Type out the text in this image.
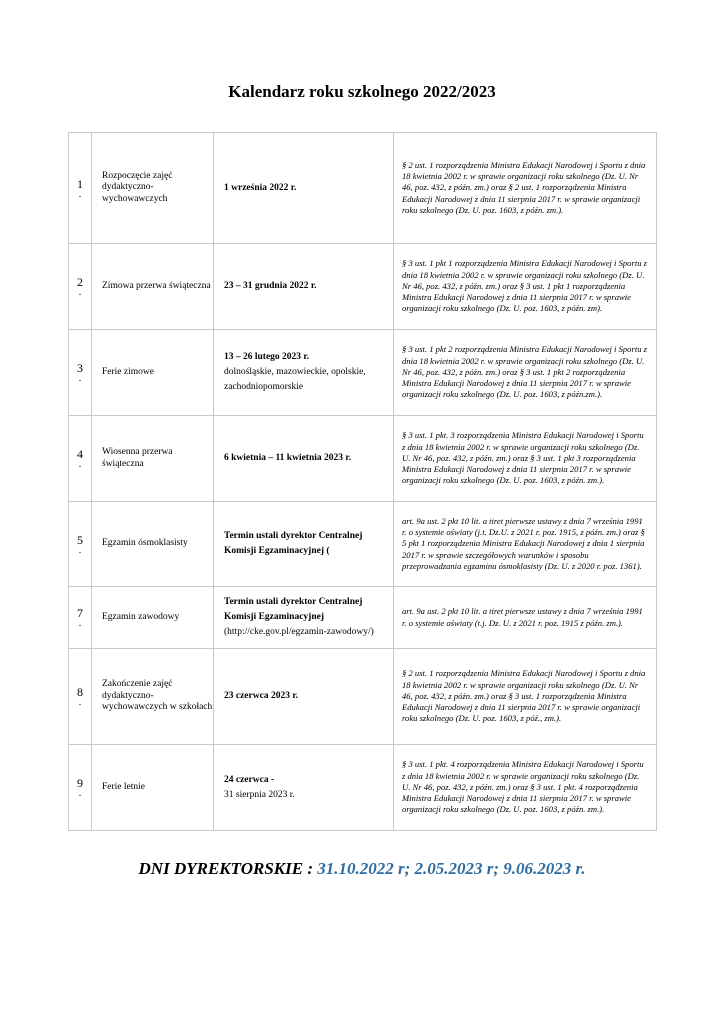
Kalendarz roku szkolnego 2022/2023
1
.	Rozpoczęcie zajęć dydaktyczno-wychowawczych	1 września 2022 r.	§ 2 ust. 1 rozporządzenia Ministra Edukacji Narodowej i Sportu z dnia 18 kwietnia 2002 r. w sprawie organizacji roku szkolnego (Dz. U. Nr 46, poz. 432, z późn. zm.) oraz § 2 ust. 1 rozporządzenia Ministra Edukacji Narodowej z dnia 11 sierpnia 2017 r. w sprawie organizacji roku szkolnego (Dz. U. poz. 1603, z późn. zm.).
2
.	Zimowa przerwa świąteczna	23 – 31 grudnia 2022 r.	§ 3 ust. 1 pkt 1 rozporządzenia Ministra Edukacji Narodowej i Sportu z dnia 18 kwietnia 2002 r. w sprawie organizacji roku szkolnego (Dz. U. Nr 46, poz. 432, z późn. zm.) oraz § 3 ust. 1 pkt 1 rozporządzenia Ministra Edukacji Narodowej z dnia 11 sierpnia 2017 r. w sprawie organizacji roku szkolnego (Dz. U. poz. 1603, z późn. zm).
3
.	Ferie zimowe	13 – 26 lutego 2023 r.
dolnośląskie, mazowieckie, opolskie, zachodniopomorskie	§ 3 ust. 1 pkt 2 rozporządzenia Ministra Edukacji Narodowej i Sportu z dnia 18 kwietnia 2002 r. w sprawie organizacji roku szkolnego (Dz. U. Nr 46, poz. 432, z późn. zm.) oraz § 3 ust. 1 pkt 2 rozporządzenia Ministra Edukacji Narodowej z dnia 11 sierpnia 2017 r. w sprawie organizacji roku szkolnego (Dz. U. poz. 1603, z późn.zm.).
4
.	Wiosenna przerwa świąteczna	6 kwietnia – 11 kwietnia 2023 r.	§ 3 ust. 1 pkt. 3 rozporządzenia Ministra Edukacji Narodowej i Sportu z dnia 18 kwietnia 2002 r. w sprawie organizacji roku szkolnego (Dz. U. Nr 46, poz. 432, z późn. zm.) oraz § 3 ust. 1 pkt 3 rozporządzenia Ministra Edukacji Narodowej z dnia 11 sierpnia 2017 r. w sprawie organizacji roku szkolnego (Dz. U. poz. 1603, z późn. zm.).
5
.	Egzamin ósmoklasisty	Termin ustali dyrektor Centralnej Komisji Egzaminacyjnej (	art. 9a ust. 2 pkt 10 lit. a tiret pierwsze ustawy z dnia 7 września 1991 r. o systemie oświaty (j.t. Dz.U. z 2021 r. poz. 1915, z późn. zm.) oraz § 5 pkt 1 rozporządzenia Ministra Edukacji Narodowej z dnia 1 sierpnia 2017 r. w sprawie szczegółowych warunków i sposobu przeprowadzania egzaminu ósmoklasisty (Dz. U. z 2020 r. poz. 1361).
7
.	Egzamin zawodowy	Termin ustali dyrektor Centralnej Komisji Egzaminacyjnej
(http://cke.gov.pl/egzamin-zawodowy/)	art. 9a ust. 2 pkt 10 lit. a tiret pierwsze ustawy z dnia 7 września 1991 r. o systemie oświaty (t.j. Dz. U. z 2021 r. poz. 1915 z późn. zm.).
8
.	Zakończenie zajęć dydaktyczno-wychowawczych w szkołach	23 czerwca 2023 r.	§ 2 ust. 1 rozporządzenia Ministra Edukacji Narodowej i Sportu z dnia 18 kwietnia 2002 r. w sprawie organizacji roku szkolnego (Dz. U. Nr 46, poz. 432, z późn. zm.) oraz § 3 ust. 1 rozporządzenia Ministra Edukacji Narodowej z dnia 11 sierpnia 2017 r. w sprawie organizacji roku szkolnego (Dz. U. poz. 1603, z póź., zm.).
9
.	Ferie letnie	24 czerwca -
31 sierpnia 2023 r.	§ 3 ust. 1 pkt. 4 rozporządzenia Ministra Edukacji Narodowej i Sportu z dnia 18 kwietnia 2002 r. w sprawie organizacji roku szkolnego (Dz. U. Nr 46, poz. 432, z późn. zm.) oraz § 3 ust. 1 pkt. 4 rozporządzenia Ministra Edukacji Narodowej z dnia 11 sierpnia 2017 r. w sprawie organizacji roku szkolnego (Dz. U. poz. 1603, z późn. zm.).
DNI DYREKTORSKIE : 31.10.2022 r; 2.05.2023 r; 9.06.2023 r.
